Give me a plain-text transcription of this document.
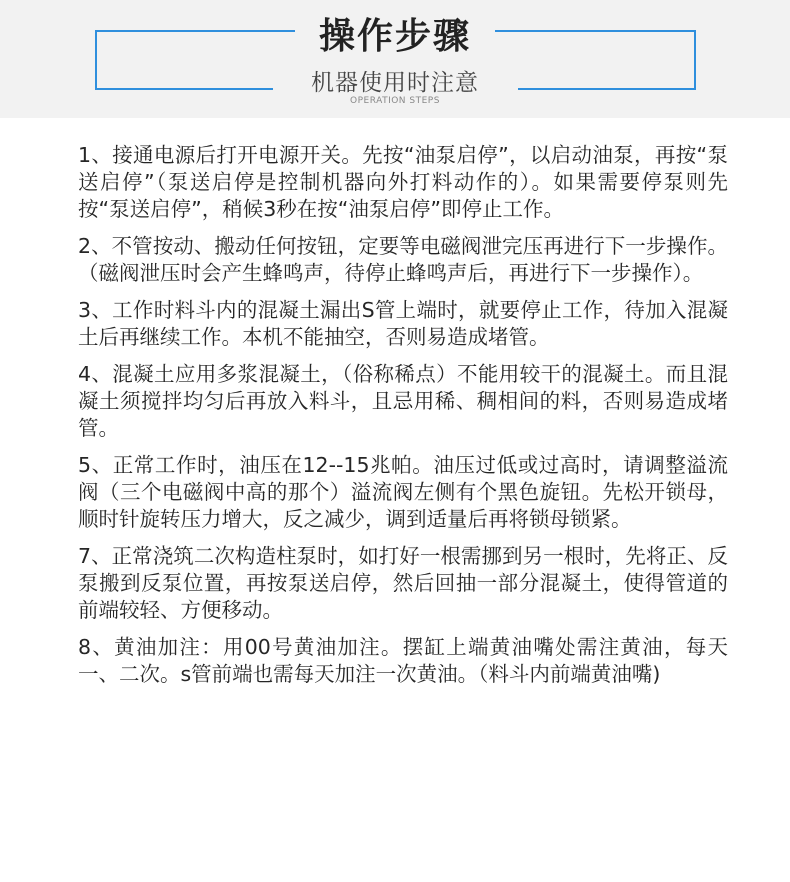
操作步骤
机器使用时注意
OPERATION STEPS

1、接通电源后打开电源开关。先按“油泵启停”，以启动油泵，再按“泵送启停”（泵送启停是控制机器向外打料动作的）。如果需要停泵则先按“泵送启停”，稍候3秒在按“油泵启停”即停止工作。

2、不管按动、搬动任何按钮，定要等电磁阀泄完压再进行下一步操作。（磁阀泄压时会产生蜂鸣声，待停止蜂鸣声后，再进行下一步操作）。

3、工作时料斗内的混凝土漏出S管上端时，就要停止工作，待加入混凝土后再继续工作。本机不能抽空，否则易造成堵管。

4、混凝土应用多浆混凝土，（俗称稀点）不能用较干的混凝土。而且混凝土须搅拌均匀后再放入料斗，且忌用稀、稠相间的料，否则易造成堵管。

5、正常工作时，油压在12--15兆帕。油压过低或过高时，请调整溢流阀（三个电磁阀中高的那个）溢流阀左侧有个黑色旋钮。先松开锁母，顺时针旋转压力增大，反之减少，调到适量后再将锁母锁紧。

7、正常浇筑二次构造柱泵时，如打好一根需挪到另一根时，先将正、反泵搬到反泵位置，再按泵送启停，然后回抽一部分混凝土，使得管道的前端较轻、方便移动。

8、黄油加注：用00号黄油加注。摆缸上端黄油嘴处需注黄油，每天一、二次。s管前端也需每天加注一次黄油。（料斗内前端黄油嘴)
